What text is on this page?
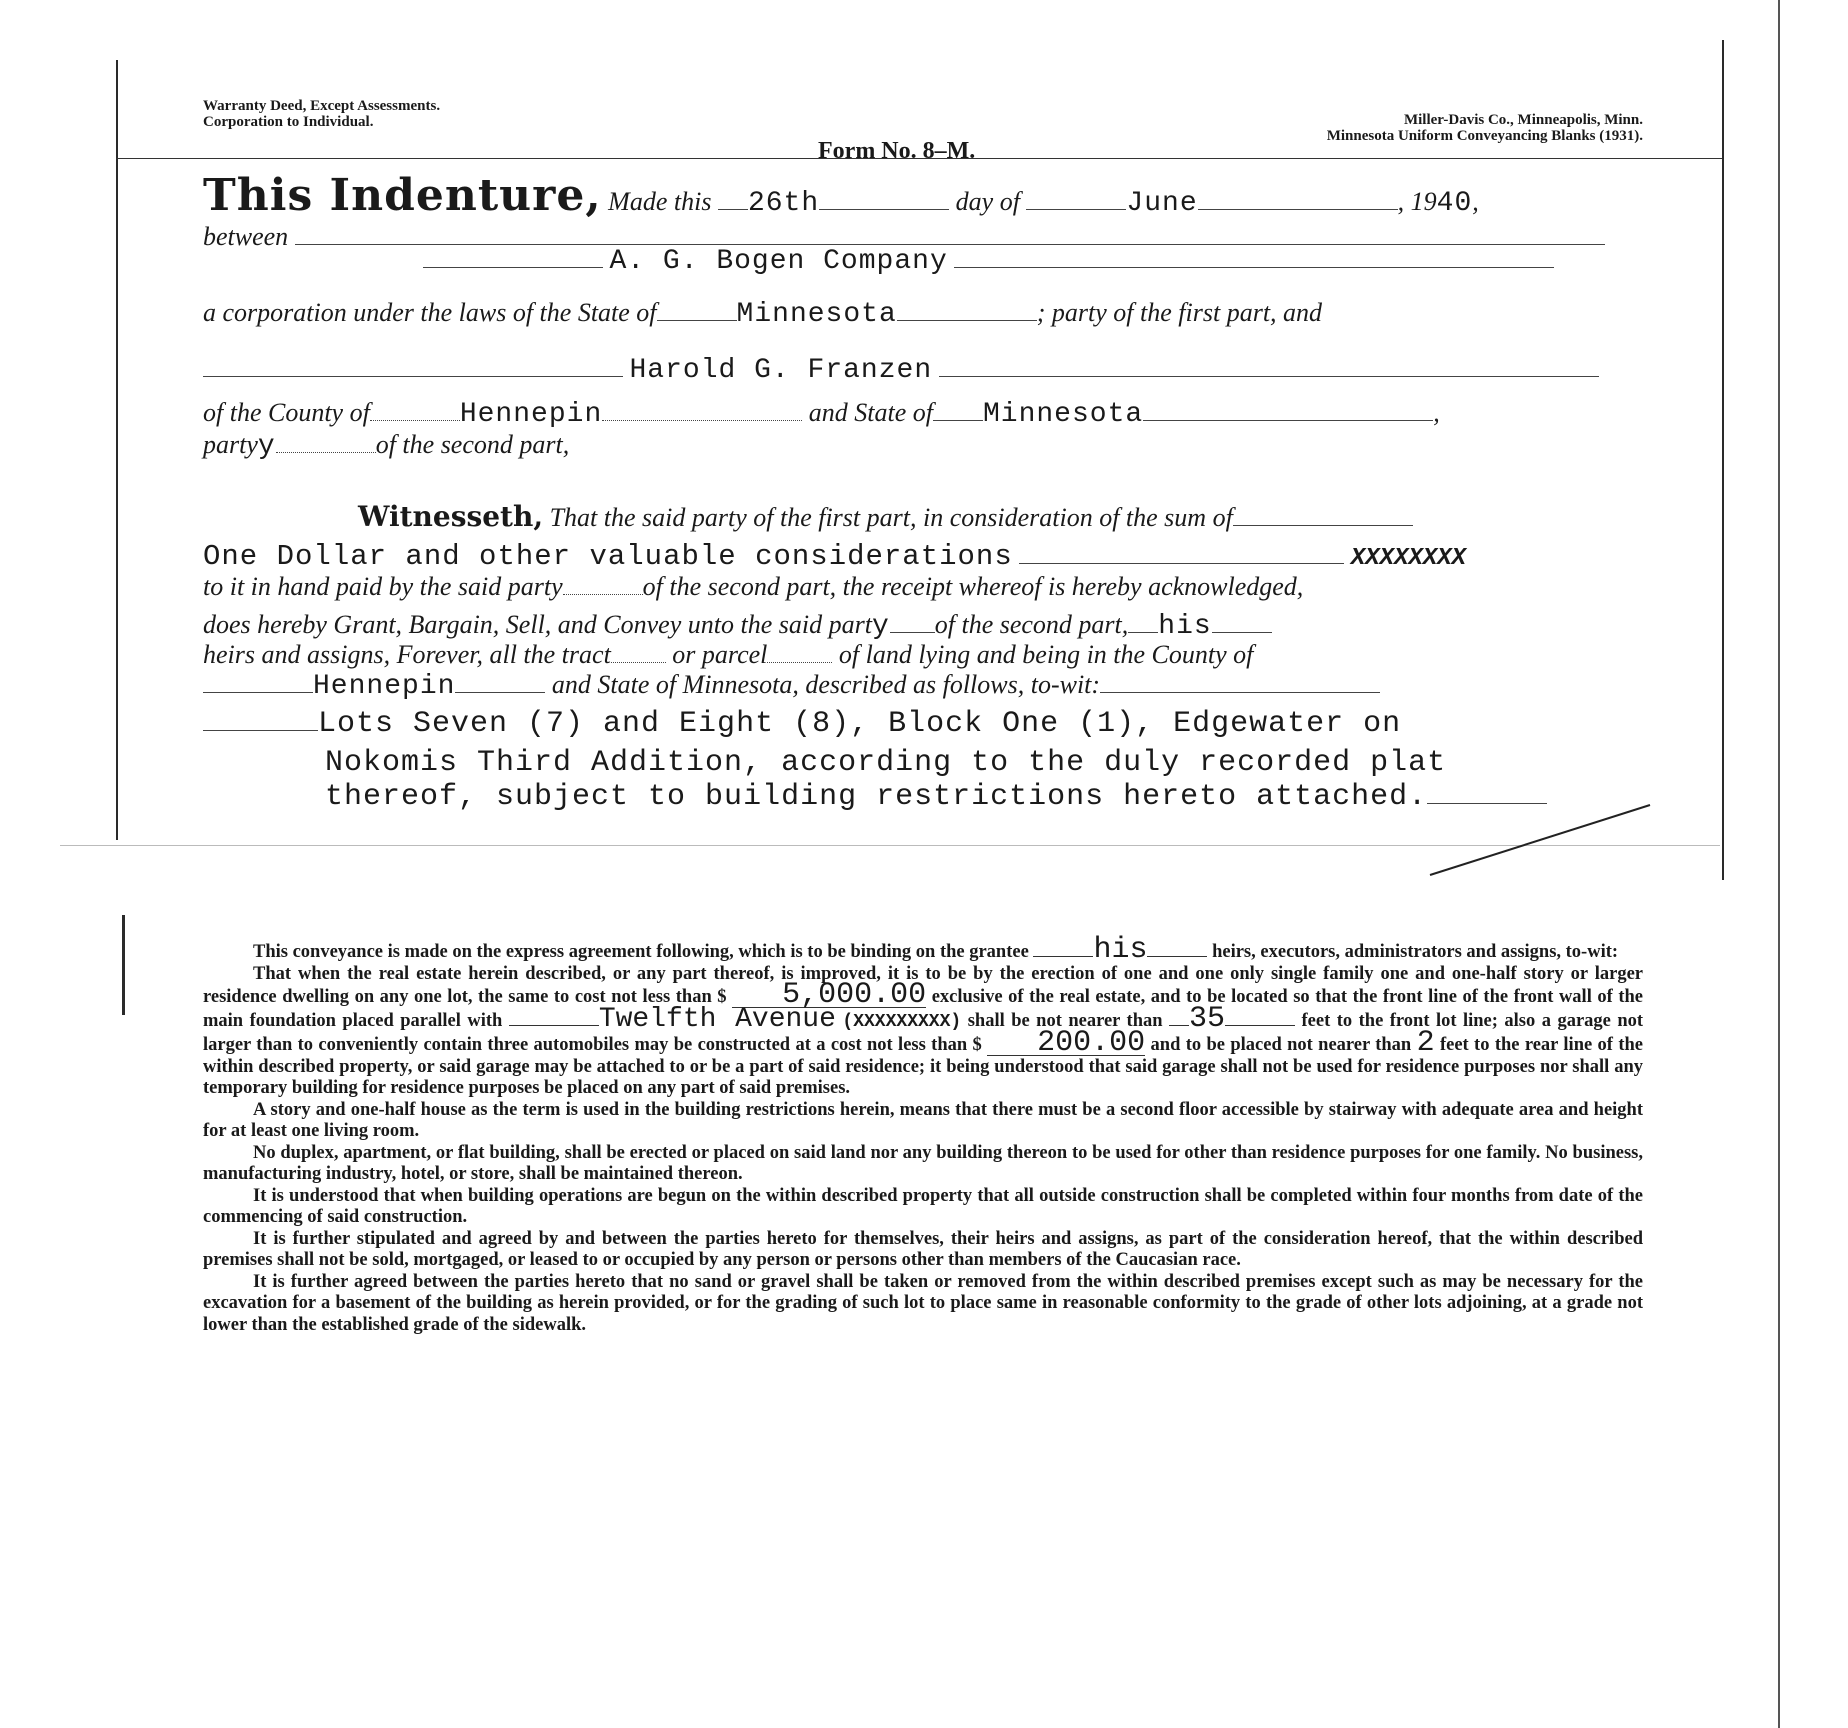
Warranty Deed, Except Assessments.
Corporation to Individual.
Form No. 8–M.
Miller-Davis Co., Minneapolis, Minn.
Minnesota Uniform Conveyancing Blanks (1931).
This Indenture, Made this 26th	day of	June	, 1940,
between
A. G. Bogen Company
a corporation under the laws of the State of	Minnesota	; party of the first part, and
Harold G. Franzen
of the County of	Hennepin	and State of Minnesota	,
partyy	of the second part,
Witnesseth, That the said party of the first part, in consideration of the sum of
One Dollar and other valuable considerations	XXXXXXXX
to it in hand paid by the said party	of the second part, the receipt whereof is hereby acknowledged,
does hereby Grant, Bargain, Sell, and Convey unto the said party of the second part, his
heirs and assigns, Forever, all the tract or parcel	of land lying and being in the County of
Hennepin	and State of Minnesota, described as follows, to-wit:
Lots Seven (7) and Eight (8), Block One (1), Edgewater on
Nokomis Third Addition, according to the duly recorded plat
thereof, subject to building restrictions hereto attached.

This conveyance is made on the express agreement following, which is to be binding on the grantee his	heirs, executors, administrators and assigns, to-wit:

That when the real estate herein described, or any part thereof, is improved, it is to be by the erection of one and one only single family one and one-half story or larger residence dwelling on any one lot, the same to cost not less than $ 5,000.00 exclusive of the real estate, and to be located so that the front line of the front wall of the main foundation placed parallel with	Twelfth Avenue (XXXXXXXXX) shall be not nearer than 35	feet to the front lot line; also a garage not larger than to conveniently contain three automobiles may be constructed at a cost not less than $ 200.00 and to be placed not nearer than 2 feet to the rear line of the within described property, or said garage may be attached to or be a part of said residence; it being understood that said garage shall not be used for residence purposes nor shall any temporary building for residence purposes be placed on any part of said premises.

A story and one-half house as the term is used in the building restrictions herein, means that there must be a second floor accessible by stairway with adequate area and height for at least one living room.

No duplex, apartment, or flat building, shall be erected or placed on said land nor any building thereon to be used for other than residence purposes for one family. No business, manufacturing industry, hotel, or store, shall be maintained thereon.

It is understood that when building operations are begun on the within described property that all outside construction shall be completed within four months from date of the commencing of said construction.

It is further stipulated and agreed by and between the parties hereto for themselves, their heirs and assigns, as part of the consideration hereof, that the within described premises shall not be sold, mortgaged, or leased to or occupied by any person or persons other than members of the Caucasian race.

It is further agreed between the parties hereto that no sand or gravel shall be taken or removed from the within described premises except such as may be necessary for the excavation for a basement of the building as herein provided, or for the grading of such lot to place same in reasonable conformity to the grade of other lots adjoining, at a grade not lower than the established grade of the sidewalk.
